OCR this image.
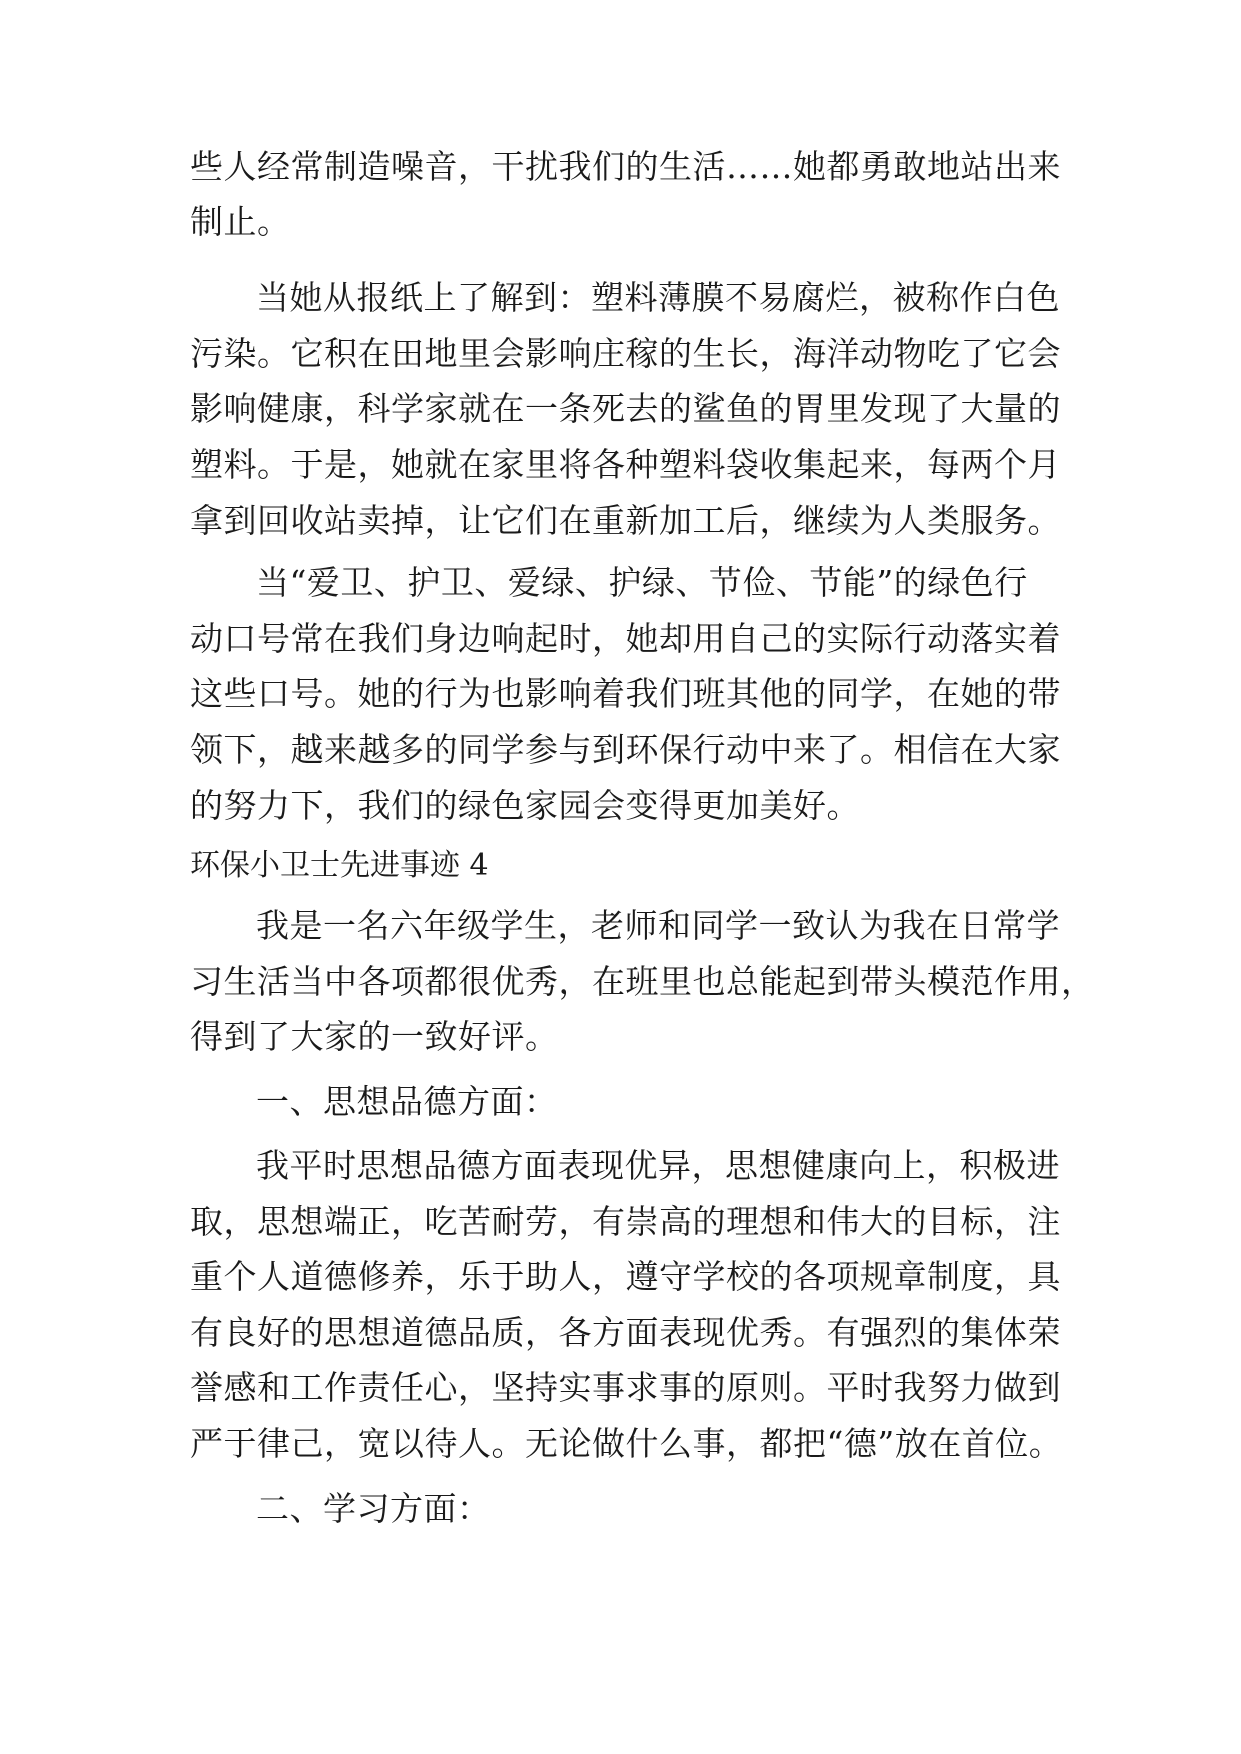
些人经常制造噪音，干扰我们的生活……她都勇敢地站出来

制止。

当她从报纸上了解到：塑料薄膜不易腐烂，被称作白色

污染。它积在田地里会影响庄稼的生长，海洋动物吃了它会

影响健康，科学家就在一条死去的鲨鱼的胃里发现了大量的

塑料。于是，她就在家里将各种塑料袋收集起来，每两个月

拿到回收站卖掉，让它们在重新加工后，继续为人类服务。

当“爱卫、护卫、爱绿、护绿、节俭、节能”的绿色行

动口号常在我们身边响起时，她却用自己的实际行动落实着

这些口号。她的行为也影响着我们班其他的同学，在她的带

领下，越来越多的同学参与到环保行动中来了。相信在大家

的努力下，我们的绿色家园会变得更加美好。

环保小卫士先进事迹 4

我是一名六年级学生，老师和同学一致认为我在日常学

习生活当中各项都很优秀，在班里也总能起到带头模范作用，

得到了大家的一致好评。

一、思想品德方面：

我平时思想品德方面表现优异，思想健康向上，积极进

取，思想端正，吃苦耐劳，有崇高的理想和伟大的目标，注

重个人道德修养，乐于助人，遵守学校的各项规章制度，具

有良好的思想道德品质，各方面表现优秀。有强烈的集体荣

誉感和工作责任心，坚持实事求事的原则。平时我努力做到

严于律己，宽以待人。无论做什么事，都把“德”放在首位。

二、学习方面：
